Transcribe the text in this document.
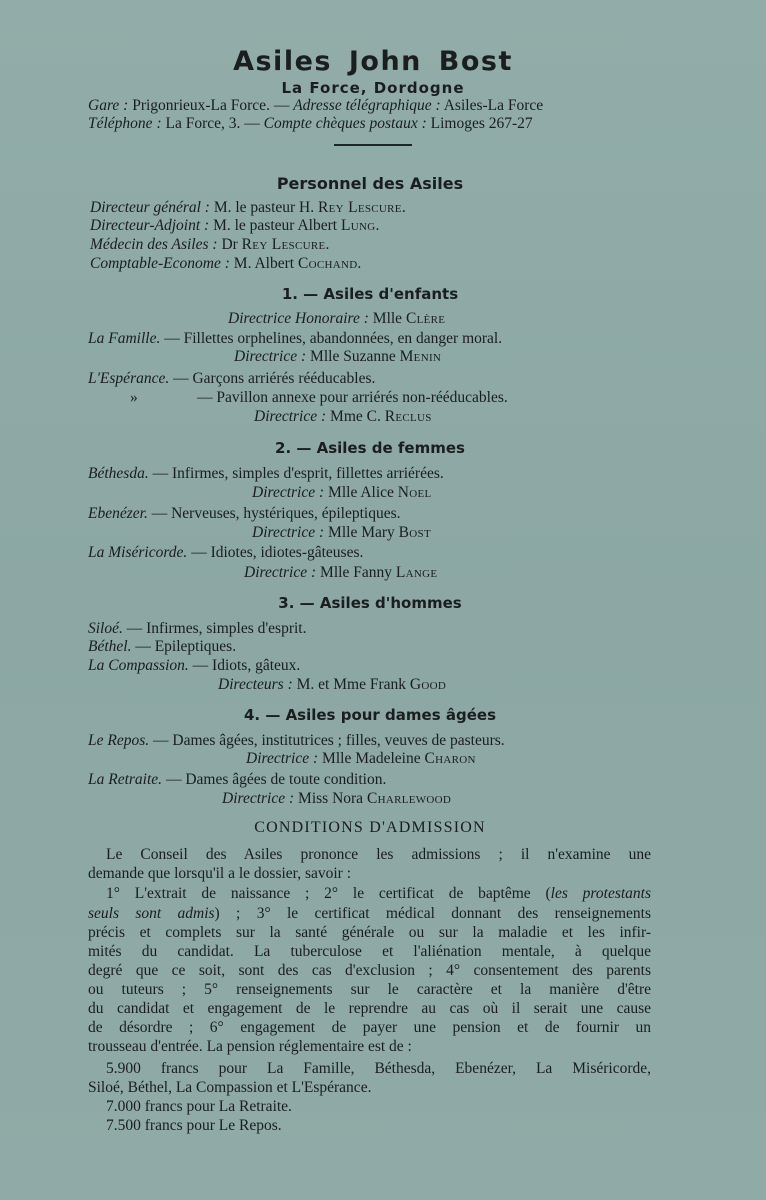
Asiles John Bost
La Force, Dordogne
Gare : Prigonrieux-La Force. — Adresse télégraphique : Asiles-La Force
Téléphone : La Force, 3. — Compte chèques postaux : Limoges 267-27
Personnel des Asiles
Directeur général : M. le pasteur H. Rey Lescure.
Directeur-Adjoint : M. le pasteur Albert Lung.
Médecin des Asiles : Dr Rey Lescure.
Comptable-Econome : M. Albert Cochand.
1. — Asiles d'enfants
Directrice Honoraire : Mlle Clère
La Famille. — Fillettes orphelines, abandonnées, en danger moral.
Directrice : Mlle Suzanne Menin
L'Espérance. — Garçons arriérés rééducables.
»	— Pavillon annexe pour arriérés non-rééducables.
Directrice : Mme C. Reclus
2. — Asiles de femmes
Béthesda. — Infirmes, simples d'esprit, fillettes arriérées.
Directrice : Mlle Alice Noel
Ebenézer. — Nerveuses, hystériques, épileptiques.
Directrice : Mlle Mary Bost
La Miséricorde. — Idiotes, idiotes-gâteuses.
Directrice : Mlle Fanny Lange
3. — Asiles d'hommes
Siloé. — Infirmes, simples d'esprit.
Béthel. — Epileptiques.
La Compassion. — Idiots, gâteux.
Directeurs : M. et Mme Frank Good
4. — Asiles pour dames âgées
Le Repos. — Dames âgées, institutrices ; filles, veuves de pasteurs.
Directrice : Mlle Madeleine Charon
La Retraite. — Dames âgées de toute condition.
Directrice : Miss Nora Charlewood
CONDITIONS D'ADMISSION
Le Conseil des Asiles prononce les admissions ; il n'examine une
demande que lorsqu'il a le dossier, savoir :
1° L'extrait de naissance ; 2° le certificat de baptême (les protestants
seuls sont admis) ; 3° le certificat médical donnant des renseignements
précis et complets sur la santé générale ou sur la maladie et les infir-
mités du candidat. La tuberculose et l'aliénation mentale, à quelque
degré que ce soit, sont des cas d'exclusion ; 4° consentement des parents
ou tuteurs ; 5° renseignements sur le caractère et la manière d'être
du candidat et engagement de le reprendre au cas où il serait une cause
de désordre ; 6° engagement de payer une pension et de fournir un
trousseau d'entrée. La pension réglementaire est de :
5.900 francs pour La Famille, Béthesda, Ebenézer, La Miséricorde,
Siloé, Béthel, La Compassion et L'Espérance.
7.000 francs pour La Retraite.
7.500 francs pour Le Repos.
